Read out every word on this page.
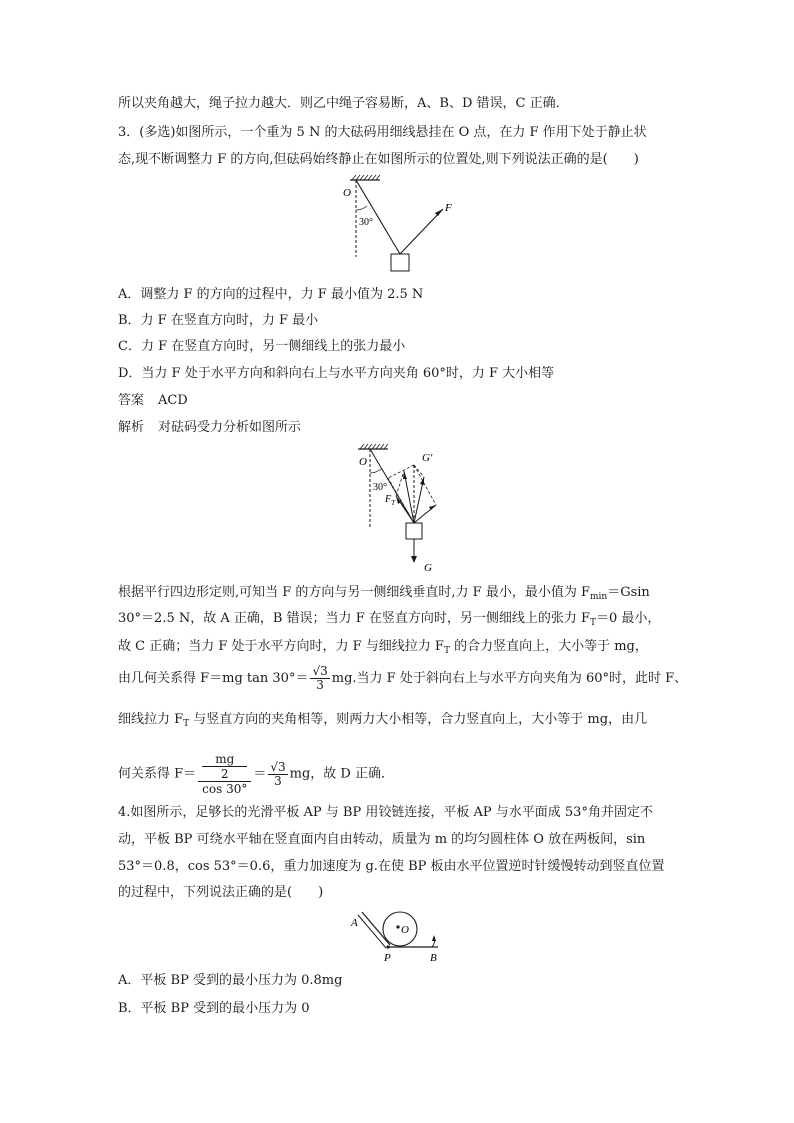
所以夹角越大，绳子拉力越大．则乙中绳子容易断，A、B、D 错误，C 正确．
3．(多选)如图所示，一个重为 5 N 的大砝码用细线悬挂在 O 点，在力 F 作用下处于静止状
态,现不断调整力 F 的方向,但砝码始终静止在如图所示的位置处,则下列说法正确的是(　　)
O
30°
F
A．调整力 F 的方向的过程中，力 F 最小值为 2.5 N
B．力 F 在竖直方向时，力 F 最小
C．力 F 在竖直方向时，另一侧细线上的张力最小
D．当力 F 处于水平方向和斜向右上与水平方向夹角 60°时，力 F 大小相等
答案 ACD
解析 对砝码受力分析如图所示
O	G′
30°
$F_T$
G
根据平行四边形定则,可知当 F 的方向与另一侧细线垂直时,力 F 最小，最小值为 $F_{min}=Gsin$
30°＝2.5 N，故 A 正确，B 错误；当力 F 在竖直方向时，另一侧细线上的张力 $F_T=0$ 最小，
故 C 正确；当力 F 处于水平方向时，力 F 与细线拉力 $F_T$ 的合力竖直向上，大小等于 mg，
由几何关系得 F＝mg $\tan 30^\circ= \frac{√3}{3}$ mg.当力 F 处于斜向右上与水平方向夹角为 60°时，此时 F、
细线拉力 $F_T$ 与竖直方向的夹角相等，则两力大小相等，合力竖直向上，大小等于 mg，由几
何关系得 F＝ mg
2
$\cos 30^\circ = \frac{√3}{3}$ mg，故 D 正确．
4.如图所示，足够长的光滑平板 AP 与 BP 用铰链连接，平板 AP 与水平面成 53°角并固定不
动，平板 BP 可绕水平轴在竖直面内自由转动，质量为 m 的均匀圆柱体 O 放在两板间，sin
53°＝0.8，cos 53°＝0.6，重力加速度为 g.在使 BP 板由水平位置逆时针缓慢转动到竖直位置
的过程中，下列说法正确的是(　　)
A
O
P	B
A．平板 BP 受到的最小压力为 0.8mg
B．平板 BP 受到的最小压力为 0
